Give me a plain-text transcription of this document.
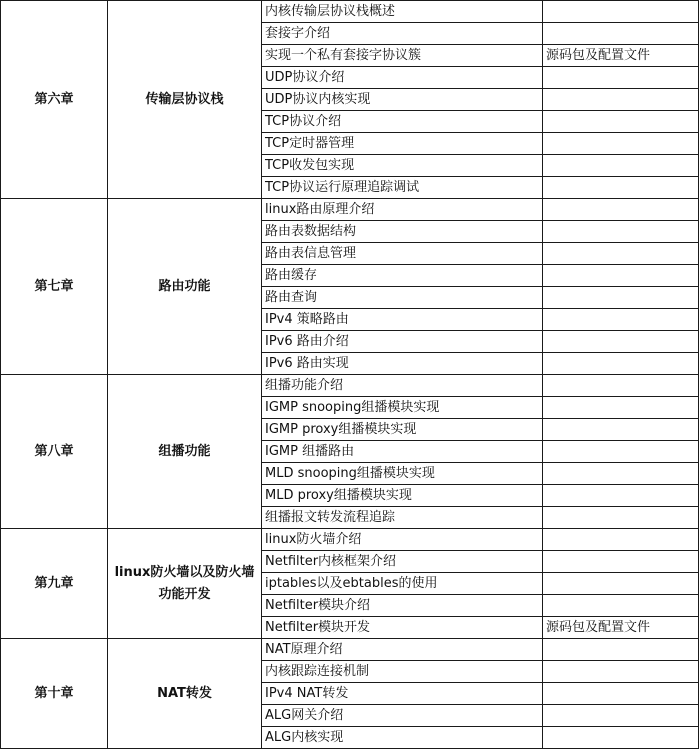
第六章	传输层协议栈	内核传输层协议栈概述	
		套接字介绍	
		实现一个私有套接字协议簇	源码包及配置文件
		UDP协议介绍	
		UDP协议内核实现	
		TCP协议介绍	
		TCP定时器管理	
		TCP收发包实现	
		TCP协议运行原理追踪调试	
第七章	路由功能	linux路由原理介绍	
		路由表数据结构	
		路由表信息管理	
		路由缓存	
		路由查询	
		IPv4 策略路由	
		IPv6 路由介绍	
		IPv6 路由实现	
第八章	组播功能	组播功能介绍	
		IGMP snooping组播模块实现	
		IGMP proxy组播模块实现	
		IGMP 组播路由	
		MLD snooping组播模块实现	
		MLD proxy组播模块实现	
		组播报文转发流程追踪	
第九章	linux防火墙以及防火墙功能开发	linux防火墙介绍	
		Netfilter内核框架介绍	
		iptables以及ebtables的使用	
		Netfilter模块介绍	
		Netfilter模块开发	源码包及配置文件
第十章	NAT转发	NAT原理介绍	
		内核跟踪连接机制	
		IPv4 NAT转发	
		ALG网关介绍	
		ALG内核实现	
